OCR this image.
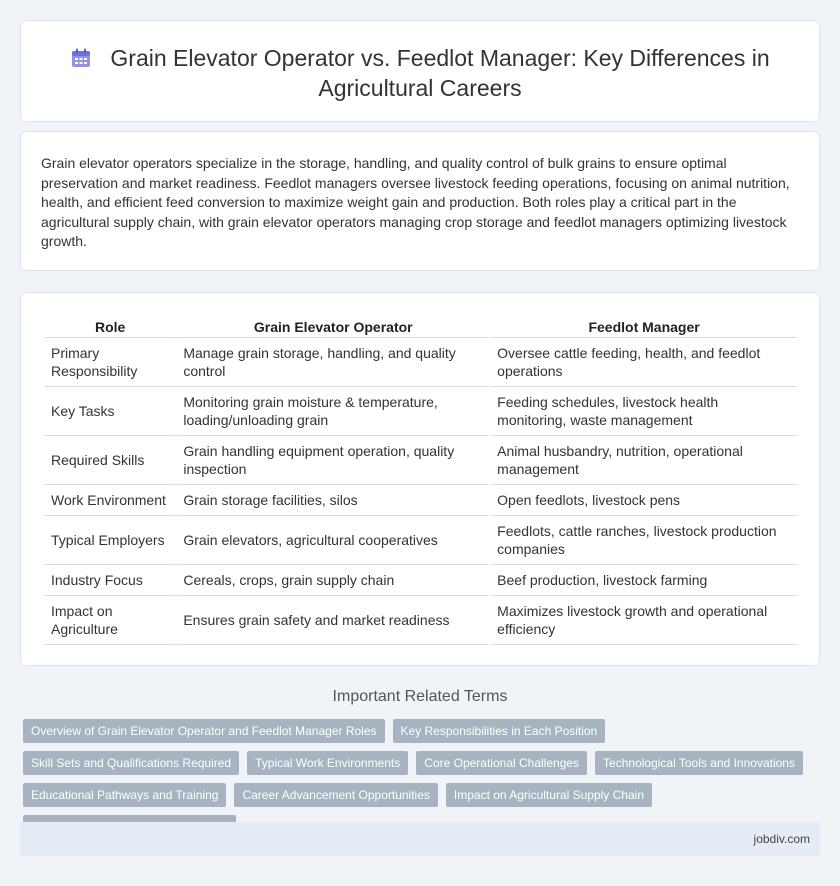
Grain Elevator Operator vs. Feedlot Manager: Key Differences in Agricultural Careers

Grain elevator operators specialize in the storage, handling, and quality control of bulk grains to ensure optimal preservation and market readiness. Feedlot managers oversee livestock feeding operations, focusing on animal nutrition, health, and efficient feed conversion to maximize weight gain and production. Both roles play a critical part in the agricultural supply chain, with grain elevator operators managing crop storage and feedlot managers optimizing livestock growth.

Role	Grain Elevator Operator	Feedlot Manager
Primary Responsibility	Manage grain storage, handling, and quality control	Oversee cattle feeding, health, and feedlot operations
Key Tasks	Monitoring grain moisture & temperature, loading/unloading grain	Feeding schedules, livestock health monitoring, waste management
Required Skills	Grain handling equipment operation, quality inspection	Animal husbandry, nutrition, operational management
Work Environment	Grain storage facilities, silos	Open feedlots, livestock pens
Typical Employers	Grain elevators, agricultural cooperatives	Feedlots, cattle ranches, livestock production companies
Industry Focus	Cereals, crops, grain supply chain	Beef production, livestock farming
Impact on Agriculture	Ensures grain safety and market readiness	Maximizes livestock growth and operational efficiency
Important Related Terms
Overview of Grain Elevator Operator and Feedlot Manager Roles	Key Responsibilities in Each Position
Skill Sets and Qualifications Required	Typical Work Environments	Core Operational Challenges	Technological Tools and Innovations
Educational Pathways and Training	Career Advancement Opportunities	Impact on Agricultural Supply Chain
jobdiv.com
